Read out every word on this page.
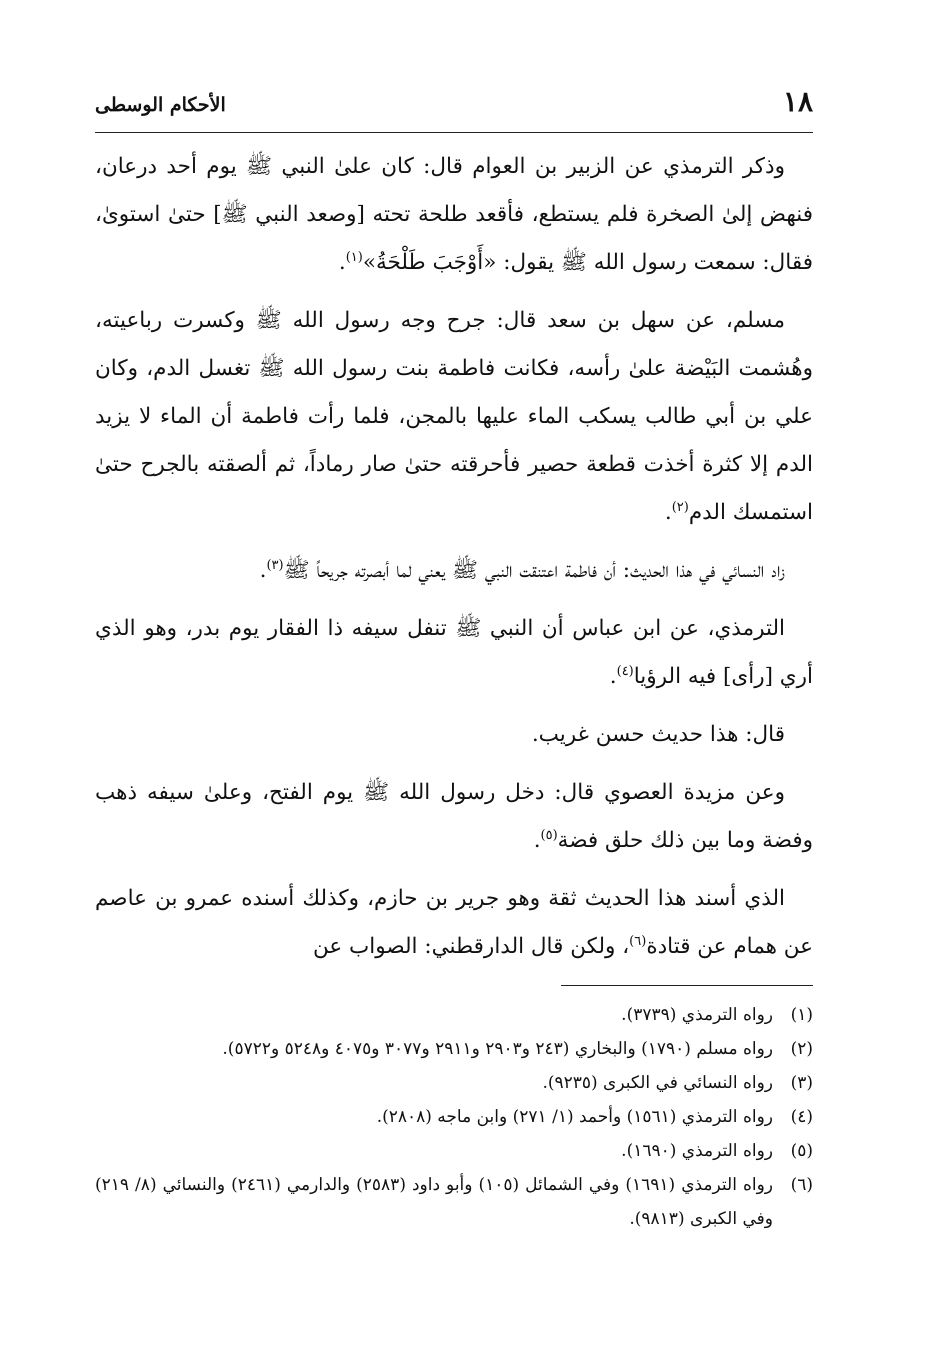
١٨
الأحكام الوسطى

وذكر الترمذي عن الزبير بن العوام قال: كان علىٰ النبي ﷺ يوم أحد درعان، فنهض إلىٰ الصخرة فلم يستطع، فأقعد طلحة تحته [وصعد النبي ﷺ] حتىٰ استوىٰ، فقال: سمعت رسول الله ﷺ يقول: «أَوْجَبَ طَلْحَةُ»$^{(١)}$.

مسلم، عن سهل بن سعد قال: جرح وجه رسول الله ﷺ وكسرت رباعيته، وهُشمت البَيْضة علىٰ رأسه، فكانت فاطمة بنت رسول الله ﷺ تغسل الدم، وكان علي بن أبي طالب يسكب الماء عليها بالمجن، فلما رأت فاطمة أن الماء لا يزيد الدم إلا كثرة أخذت قطعة حصير فأحرقته حتىٰ صار رماداً، ثم ألصقته بالجرح حتىٰ استمسك الدم$^{(٢)}$.

زاد النسائي في هذا الحديث: أن فاطمة اعتنقت النبي ﷺ يعني لما أبصرته جريحاً ﷺ$^{(٣)}$.

الترمذي، عن ابن عباس أن النبي ﷺ تنفل سيفه ذا الفقار يوم بدر، وهو الذي أري [رأى] فيه الرؤيا$^{(٤)}$.

قال: هذا حديث حسن غريب.

وعن مزيدة العصوي قال: دخل رسول الله ﷺ يوم الفتح، وعلىٰ سيفه ذهب وفضة وما بين ذلك حلق فضة$^{(٥)}$.

الذي أسند هذا الحديث ثقة وهو جرير بن حازم، وكذلك أسنده عمرو بن عاصم عن همام عن قتادة$^{(٦)}$، ولكن قال الدارقطني: الصواب عن

(١)
رواه الترمذي (٣٧٣٩).
(٢)
رواه مسلم (١٧٩٠) والبخاري (٢٤٣ و٢٩٠٣ و٢٩١١ و٣٠٧٧ و٤٠٧٥ و٥٢٤٨ و٥٧٢٢).
(٣)
رواه النسائي في الكبرى (٩٢٣٥).
(٤)
رواه الترمذي (١٥٦١) وأحمد (١/ ٢٧١) وابن ماجه (٢٨٠٨).
(٥)
رواه الترمذي (١٦٩٠).
(٦)
رواه الترمذي (١٦٩١) وفي الشمائل (١٠٥) وأبو داود (٢٥٨٣) والدارمي (٢٤٦١) والنسائي (٨/ ٢١٩) وفي الكبرى (٩٨١٣).
